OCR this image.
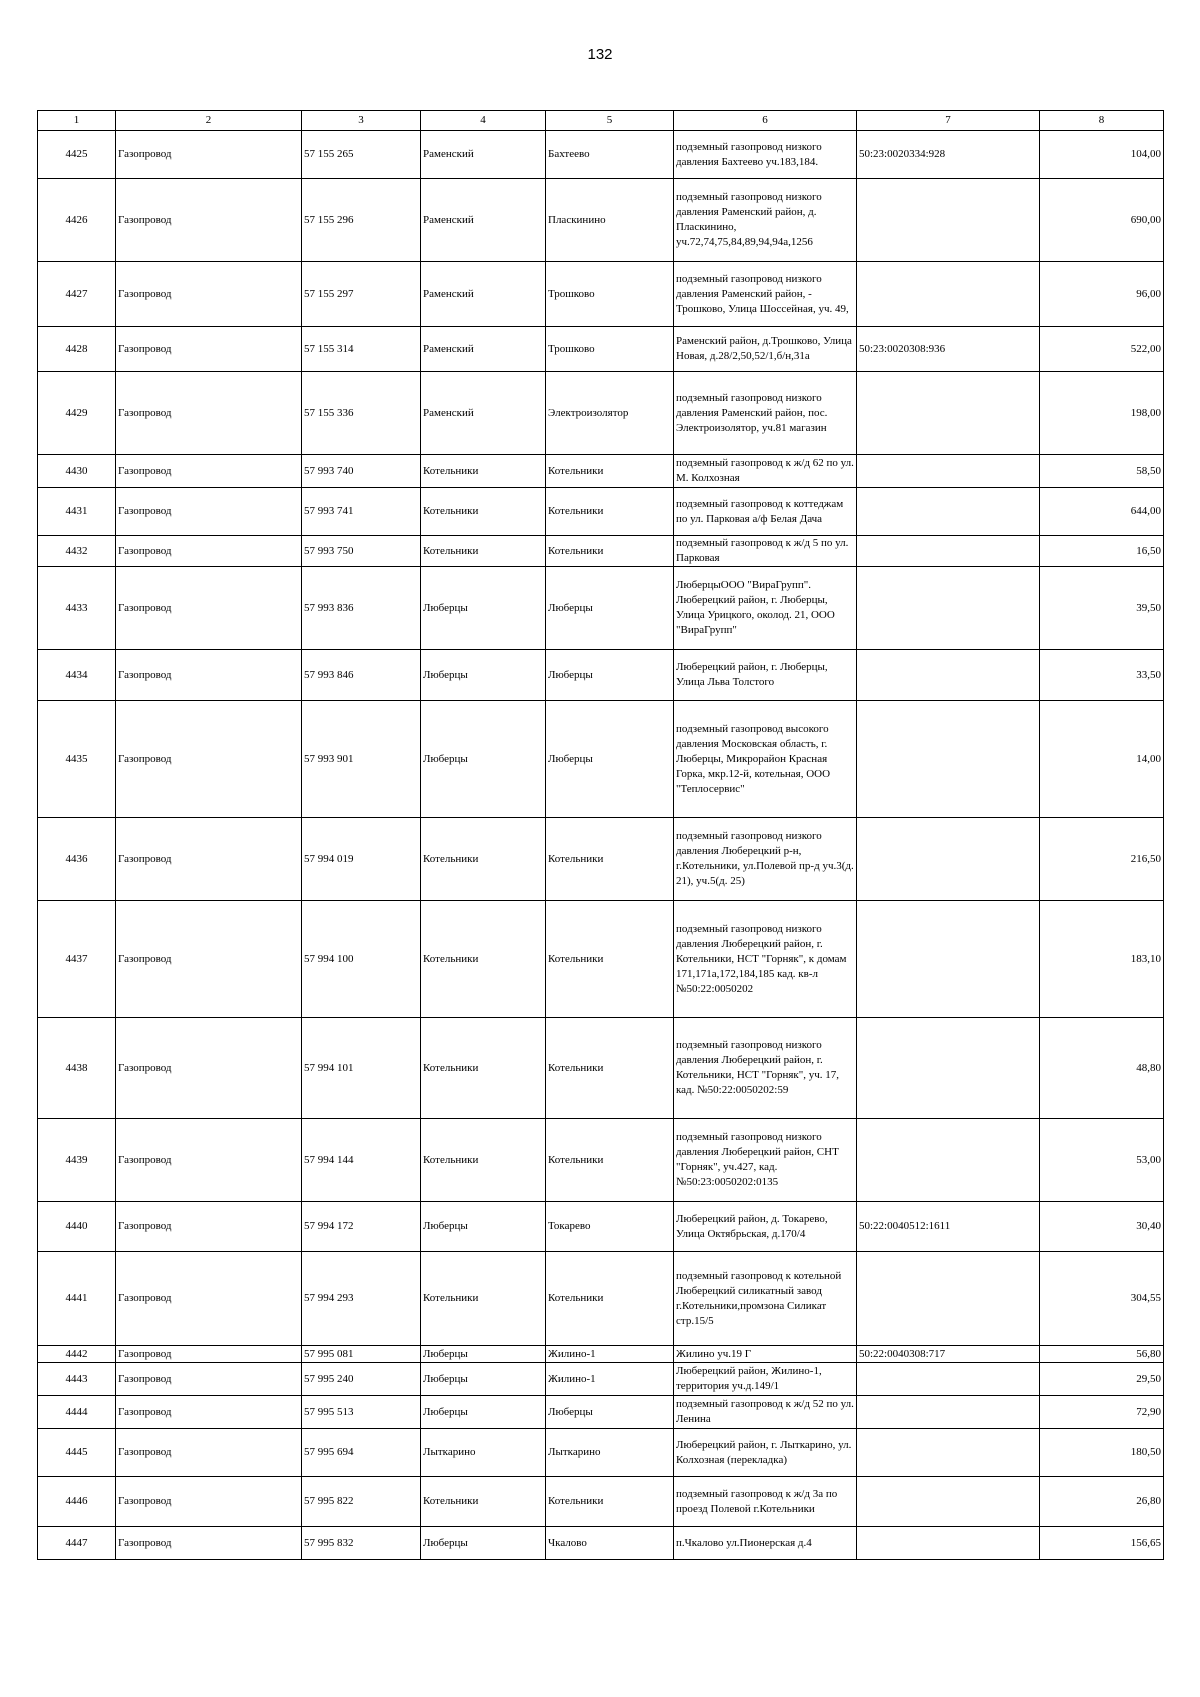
132
1	2	3	4	5	6	7	8
4425	Газопровод	57 155 265	Раменский	Бахтеево	подземный газопровод низкого давления Бахтеево уч.183,184.	50:23:0020334:928	104,00
4426	Газопровод	57 155 296	Раменский	Пласкинино	подземный газопровод низкого давления Раменский район, д. Пласкинино, уч.72,74,75,84,89,94,94а,1256		690,00
4427	Газопровод	57 155 297	Раменский	Трошково	подземный газопровод низкого давления Раменский район, - Трошково, Улица Шоссейная, уч. 49,		96,00
4428	Газопровод	57 155 314	Раменский	Трошково	Раменский район, д.Трошково, Улица Новая, д.28/2,50,52/1,б/н,31а	50:23:0020308:936	522,00
4429	Газопровод	57 155 336	Раменский	Электроизолятор	подземный газопровод низкого давления Раменский район, пос. Электроизолятор, уч.81 магазин		198,00
4430	Газопровод	57 993 740	Котельники	Котельники	подземный газопровод к ж/д 62 по ул. М. Колхозная		58,50
4431	Газопровод	57 993 741	Котельники	Котельники	подземный газопровод к коттеджам по ул. Парковая а/ф Белая Дача		644,00
4432	Газопровод	57 993 750	Котельники	Котельники	подземный газопровод к ж/д 5 по ул. Парковая		16,50
4433	Газопровод	57 993 836	Люберцы	Люберцы	ЛюберцыООО "ВираГрупп". Люберецкий район, г. Люберцы, Улица Урицкого, околод. 21, ООО "ВираГрупп"		39,50
4434	Газопровод	57 993 846	Люберцы	Люберцы	Люберецкий район, г. Люберцы, Улица Льва Толстого		33,50
4435	Газопровод	57 993 901	Люберцы	Люберцы	подземный газопровод высокого давления Московская область, г. Люберцы, Микрорайон Красная Горка, мкр.12-й, котельная, ООО "Теплосервис"		14,00
4436	Газопровод	57 994 019	Котельники	Котельники	подземный газопровод низкого давления Люберецкий р-н, г.Котельники, ул.Полевой пр-д уч.3(д. 21), уч.5(д. 25)		216,50
4437	Газопровод	57 994 100	Котельники	Котельники	подземный газопровод низкого давления Люберецкий район, г. Котельники, НСТ "Горняк", к домам 171,171а,172,184,185 кад. кв-л №50:22:0050202		183,10
4438	Газопровод	57 994 101	Котельники	Котельники	подземный газопровод низкого давления Люберецкий район, г. Котельники, НСТ "Горняк", уч. 17, кад. №50:22:0050202:59		48,80
4439	Газопровод	57 994 144	Котельники	Котельники	подземный газопровод низкого давления Люберецкий район, СНТ "Горняк", уч.427, кад.№50:23:0050202:0135		53,00
4440	Газопровод	57 994 172	Люберцы	Токарево	Люберецкий район, д. Токарево, Улица Октябрьская, д.170/4	50:22:0040512:1611	30,40
4441	Газопровод	57 994 293	Котельники	Котельники	подземный газопровод к котельной Люберецкий силикатный завод г.Котельники,промзона Силикат стр.15/5		304,55
4442	Газопровод	57 995 081	Люберцы	Жилино-1	Жилино уч.19 Г	50:22:0040308:717	56,80
4443	Газопровод	57 995 240	Люберцы	Жилино-1	Люберецкий район, Жилино-1, территория уч.д.149/1		29,50
4444	Газопровод	57 995 513	Люберцы	Люберцы	подземный газопровод к ж/д 52 по ул. Ленина		72,90
4445	Газопровод	57 995 694	Лыткарино	Лыткарино	Люберецкий район, г. Лыткарино, ул. Колхозная (перекладка)		180,50
4446	Газопровод	57 995 822	Котельники	Котельники	подземный газопровод к ж/д 3а по проезд Полевой г.Котельники		26,80
4447	Газопровод	57 995 832	Люберцы	Чкалово	п.Чкалово ул.Пионерская д.4		156,65
